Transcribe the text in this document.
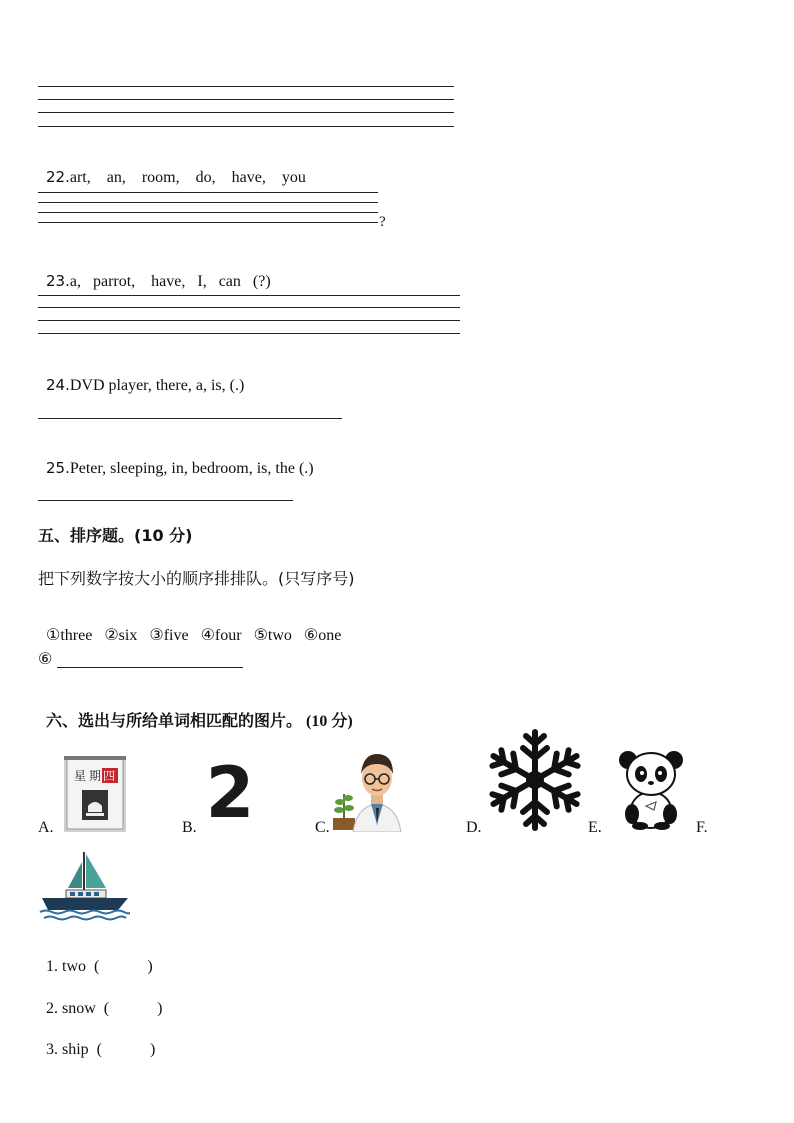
22.art,    an,    room,    do,    have,    you

?

23.a,   parrot,    have,   I,   can   (?)

24.DVD player, there, a, is, (.)

25.Peter, sleeping, in, bedroom, is, the (.)

五、排序题。(10 分)
把下列数字按大小的顺序排排队。(只写序号)

①three ②six ③five ④four ⑤two ⑥one

⑥

六、选出与所给单词相匹配的图片。 (10 分)

A.
星 期 四
B. 2	C.	D.	E.	F.

1. two (            )

2. snow (            )

3. ship (            )
